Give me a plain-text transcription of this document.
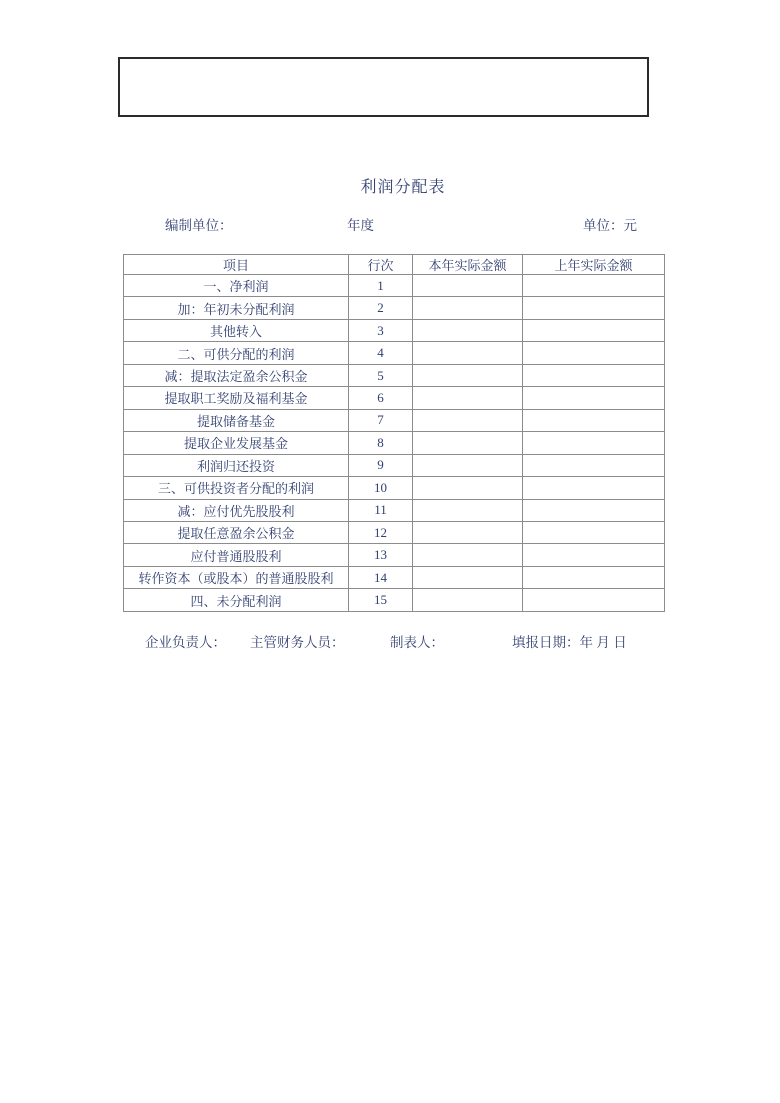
利润分配表
编制单位：	年度	单位：元
项目	行次	本年实际金额	上年实际金额
一、净利润	1		
加：年初未分配利润	2		
其他转入	3		
二、可供分配的利润	4		
减：提取法定盈余公积金	5		
提取职工奖励及福利基金	6		
提取储备基金	7		
提取企业发展基金	8		
利润归还投资	9		
三、可供投资者分配的利润	10		
减：应付优先股股利	11		
提取任意盈余公积金	12		
应付普通股股利	13		
转作资本（或股本）的普通股股利	14		
四、未分配利润	15		
企业负责人： 主管财务人员：	制表人：	填报日期：年 月 日
